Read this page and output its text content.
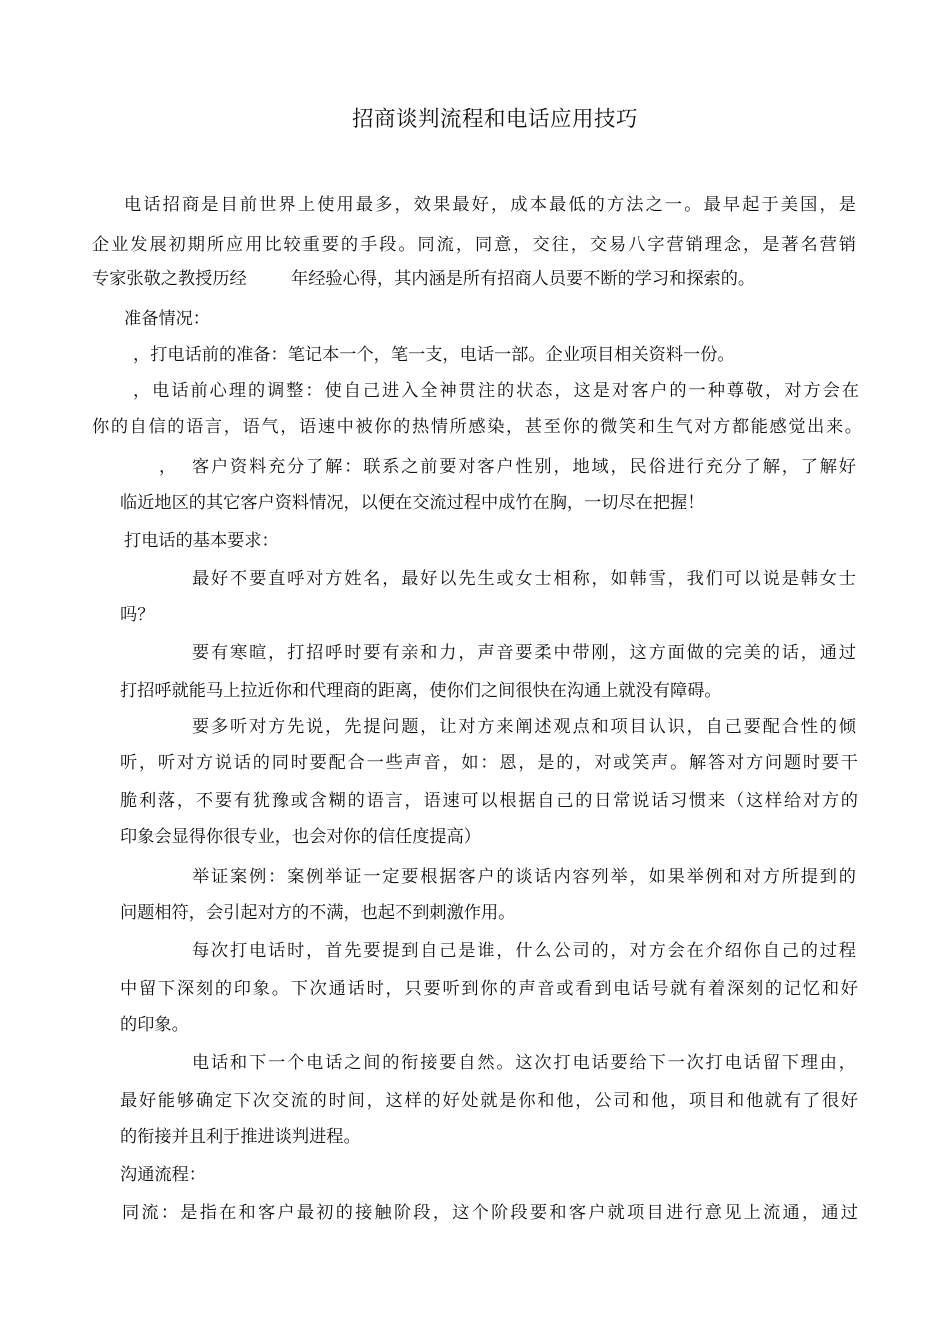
招商谈判流程和电话应用技巧
电话招商是目前世界上使用最多，效果最好，成本最低的方法之一。最早起于美国，是
企业发展初期所应用比较重要的手段。同流，同意，交往，交易八字营销理念，是著名营销
专家张敬之教授历经	年经验心得，其内涵是所有招商人员要不断的学习和探索的。
准备情况：
，打电话前的准备：笔记本一个，笔一支，电话一部。企业项目相关资料一份。
，电话前心理的调整：使自己进入全神贯注的状态，这是对客户的一种尊敬，对方会在
你的自信的语言，语气，语速中被你的热情所感染，甚至你的微笑和生气对方都能感觉出来。
， 客户资料充分了解：联系之前要对客户性别，地域，民俗进行充分了解，了解好
临近地区的其它客户资料情况，以便在交流过程中成竹在胸，一切尽在把握！
打电话的基本要求：
最好不要直呼对方姓名，最好以先生或女士相称，如韩雪，我们可以说是韩女士
吗？
要有寒暄，打招呼时要有亲和力，声音要柔中带刚，这方面做的完美的话，通过
打招呼就能马上拉近你和代理商的距离，使你们之间很快在沟通上就没有障碍。
要多听对方先说，先提问题，让对方来阐述观点和项目认识，自己要配合性的倾
听，听对方说话的同时要配合一些声音，如：恩，是的，对或笑声。解答对方问题时要干
脆利落，不要有犹豫或含糊的语言，语速可以根据自己的日常说话习惯来（这样给对方的
印象会显得你很专业，也会对你的信任度提高）
举证案例：案例举证一定要根据客户的谈话内容列举，如果举例和对方所提到的
问题相符，会引起对方的不满，也起不到刺激作用。
每次打电话时，首先要提到自己是谁，什么公司的，对方会在介绍你自己的过程
中留下深刻的印象。下次通话时，只要听到你的声音或看到电话号就有着深刻的记忆和好
的印象。
电话和下一个电话之间的衔接要自然。这次打电话要给下一次打电话留下理由，
最好能够确定下次交流的时间，这样的好处就是你和他，公司和他，项目和他就有了很好
的衔接并且利于推进谈判进程。
沟通流程：
同流：是指在和客户最初的接触阶段，这个阶段要和客户就项目进行意见上流通，通过
